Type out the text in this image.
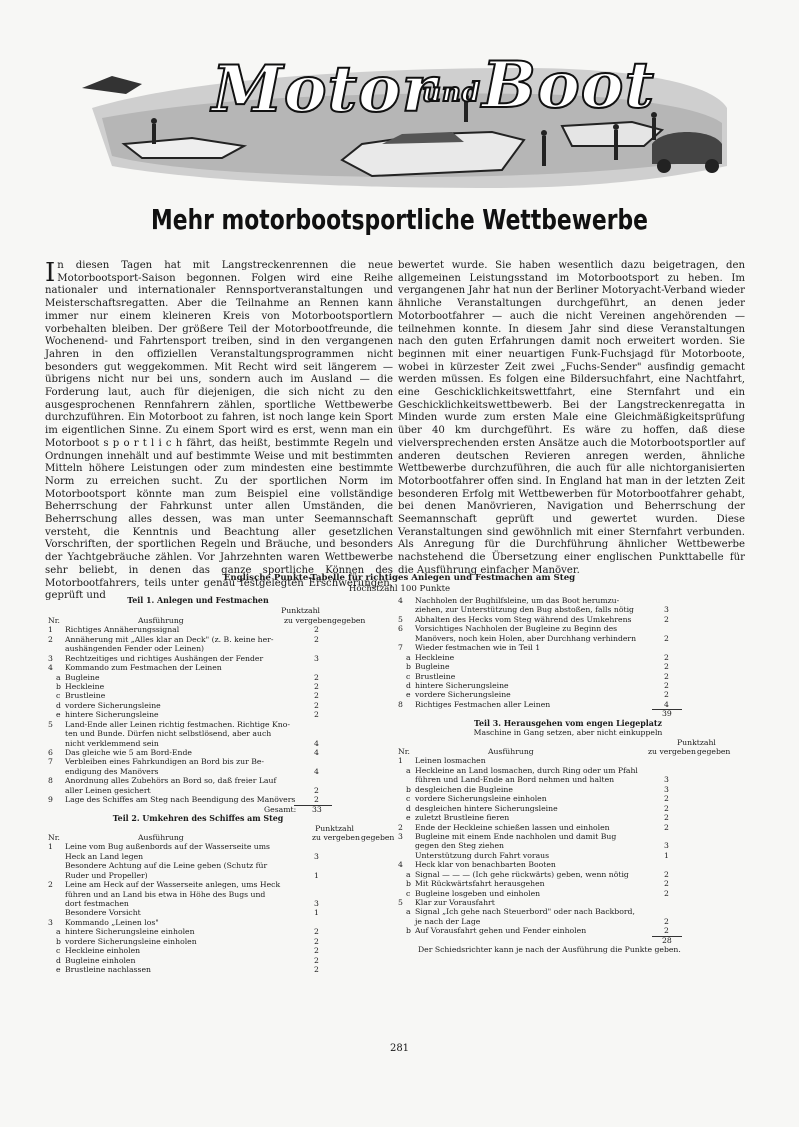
Motor
und Boot
Mehr motorbootsportliche Wettbewerbe

In diesen Tagen hat mit Langstreckenrennen die neue Motorbootsport-Saison begonnen. Folgen wird eine Reihe nationaler und internationaler Rennsportveranstaltungen und Meisterschaftsregatten. Aber die Teilnahme an Rennen kann immer nur einem kleineren Kreis von Motorbootsportlern vorbehalten bleiben. Der größere Teil der Motorbootfreunde, die Wochenend- und Fahrtensport treiben, sind in den vergangenen Jahren in den offiziellen Veranstaltungsprogrammen nicht besonders gut weggekommen. Mit Recht wird seit längerem — übrigens nicht nur bei uns, sondern auch im Ausland — die Forderung laut, auch für diejenigen, die sich nicht zu den ausgesprochenen Rennfahrern zählen, sportliche Wettbewerbe durchzuführen. Ein Motorboot zu fahren, ist noch lange kein Sport im eigentlichen Sinne. Zu einem Sport wird es erst, wenn man ein Motorboot s p o r t l i c h fährt, das heißt, bestimmte Regeln und Ordnungen innehält und auf bestimmte Weise und mit bestimmten Mitteln höhere Leistungen oder zum mindesten eine bestimmte Norm zu erreichen sucht. Zu der sportlichen Norm im Motorbootsport könnte man zum Beispiel eine vollständige Beherrschung der Fahrkunst unter allen Umständen, die Beherrschung alles dessen, was man unter Seemannschaft versteht, die Kenntnis und Beachtung aller gesetzlichen Vorschriften, der sportlichen Regeln und Bräuche, und besonders der Yachtgebräuche zählen. Vor Jahrzehnten waren Wettbewerbe sehr beliebt, in denen das ganze sportliche Können des Motorbootfahrers, teils unter genau festgelegten Erschwerungen, geprüft und

bewertet wurde. Sie haben wesentlich dazu beigetragen, den allgemeinen Leistungsstand im Motorbootsport zu heben. Im vergangenen Jahr hat nun der Berliner Motoryacht-Verband wieder ähnliche Veranstaltungen durchgeführt, an denen jeder Motorbootfahrer — auch die nicht Vereinen angehörenden — teilnehmen konnte. In diesem Jahr sind diese Veranstaltungen nach den guten Erfahrungen damit noch erweitert worden. Sie beginnen mit einer neuartigen Funk-Fuchsjagd für Motorboote, wobei in kürzester Zeit zwei „Fuchs-Sender" ausfindig gemacht werden müssen. Es folgen eine Bildersuchfahrt, eine Nachtfahrt, eine Geschicklichkeitswettfahrt, eine Sternfahrt und ein Geschicklichkeitswettbewerb. Bei der Langstreckenregatta in Minden wurde zum ersten Male eine Gleichmäßigkeitsprüfung über 40 km durchgeführt. Es wäre zu hoffen, daß diese vielversprechenden ersten Ansätze auch die Motorbootsportler auf anderen deutschen Revieren anregen werden, ähnliche Wettbewerbe durchzuführen, die auch für alle nichtorganisierten Motorbootfahrer offen sind. In England hat man in der letzten Zeit besonderen Erfolg mit Wettbewerben für Motorbootfahrer gehabt, bei denen Manövrieren, Navigation und Beherrschung der Seemannschaft geprüft und gewertet wurden. Diese Veranstaltungen sind gewöhnlich mit einer Sternfahrt verbunden. Als Anregung für die Durchführung ähnlicher Wettbewerbe nachstehend die Übersetzung einer englischen Punkttabelle für die Ausführung einfacher Manöver.

Englische Punkte-Tabelle für richtiges Anlegen und Festmachen am Steg
Höchstzahl 100 Punkte
Teil 1. Anlegen und Festmachen
Punktzahl
Nr.	Ausführung	zu vergeben gegeben
1 Richtiges Annäherungssignal	2
2 Annäherung mit „Alles klar an Deck" (z. B. keine her-	2
aushängenden Fender oder Leinen)
3 Rechtzeitiges und richtiges Aushängen der Fender	3
4 Kommando zum Festmachen der Leinen
a Bugleine	2
b Heckleine	2
c Brustleine	2
d vordere Sicherungsleine	2
e hintere Sicherungsleine	2
5 Land-Ende aller Leinen richtig festmachen. Richtige Kno-
ten und Bunde. Dürfen nicht selbstlösend, aber auch
nicht verklemmend sein	4
6 Das gleiche wie 5 am Bord-Ende	4
7 Verbleiben eines Fahrkundigen an Bord bis zur Be-
endigung des Manövers	4
8 Anordnung alles Zubehörs an Bord so, daß freier Lauf
aller Leinen gesichert	2
9 Lage des Schiffes am Steg nach Beendigung des Manövers 2
Gesamt: 33
Teil 2. Umkehren des Schiffes am Steg
Punktzahl
Nr.	Ausführung	zu vergeben gegeben
1 Leine vom Bug außenbords auf der Wasserseite ums
Heck an Land legen	3
Besondere Achtung auf die Leine geben (Schutz für
Ruder und Propeller)	1
2 Leine am Heck auf der Wasserseite anlegen, ums Heck
führen und an Land bis etwa in Höhe des Bugs und
dort festmachen	3
Besondere Vorsicht	1
3 Kommando „Leinen los"
a hintere Sicherungsleine einholen	2
b vordere Sicherungsleine einholen	2
c Heckleine einholen	2
d Bugleine einholen	2
e Brustleine nachlassen	2
4 Nachholen der Bughilfsleine, um das Boot herumzu-
ziehen, zur Unterstützung den Bug abstoßen, falls nötig	3
5 Abhalten des Hecks vom Steg während des Umkehrens	2
6 Vorsichtiges Nachholen der Bugleine zu Beginn des
Manövers, noch kein Holen, aber Durchhang verhindern	2
7 Wieder festmachen wie in Teil 1
a Heckleine	2
b Bugleine	2
c Brustleine	2
d hintere Sicherungsleine	2
e vordere Sicherungsleine	2
8 Richtiges Festmachen aller Leinen	4
39
Teil 3. Herausgehen vom engen Liegeplatz
Maschine in Gang setzen, aber nicht einkuppeln
Punktzahl
Nr.	Ausführung	zu vergeben gegeben
1 Leinen losmachen
a Heckleine an Land losmachen, durch Ring oder um Pfahl
führen und Land-Ende an Bord nehmen und halten	3
b desgleichen die Bugleine	3
c vordere Sicherungsleine einholen	2
d desgleichen hintere Sicherungsleine	2
e zuletzt Brustleine fieren	2
2 Ende der Heckleine schießen lassen und einholen	2
3 Bugleine mit einem Ende nachholen und damit Bug
gegen den Steg ziehen	3
Unterstützung durch Fahrt voraus	1
4 Heck klar von benachbarten Booten
a Signal — — — (Ich gehe rückwärts) geben, wenn nötig	2
b Mit Rückwärtsfahrt herausgehen	2
c Bugleine losgeben und einholen	2
5 Klar zur Vorausfahrt
a Signal „Ich gehe nach Steuerbord" oder nach Backbord,
je nach der Lage	2
b Auf Vorausfahrt gehen und Fender einholen	2
28
Der Schiedsrichter kann je nach der Ausführung die Punkte geben.
281
